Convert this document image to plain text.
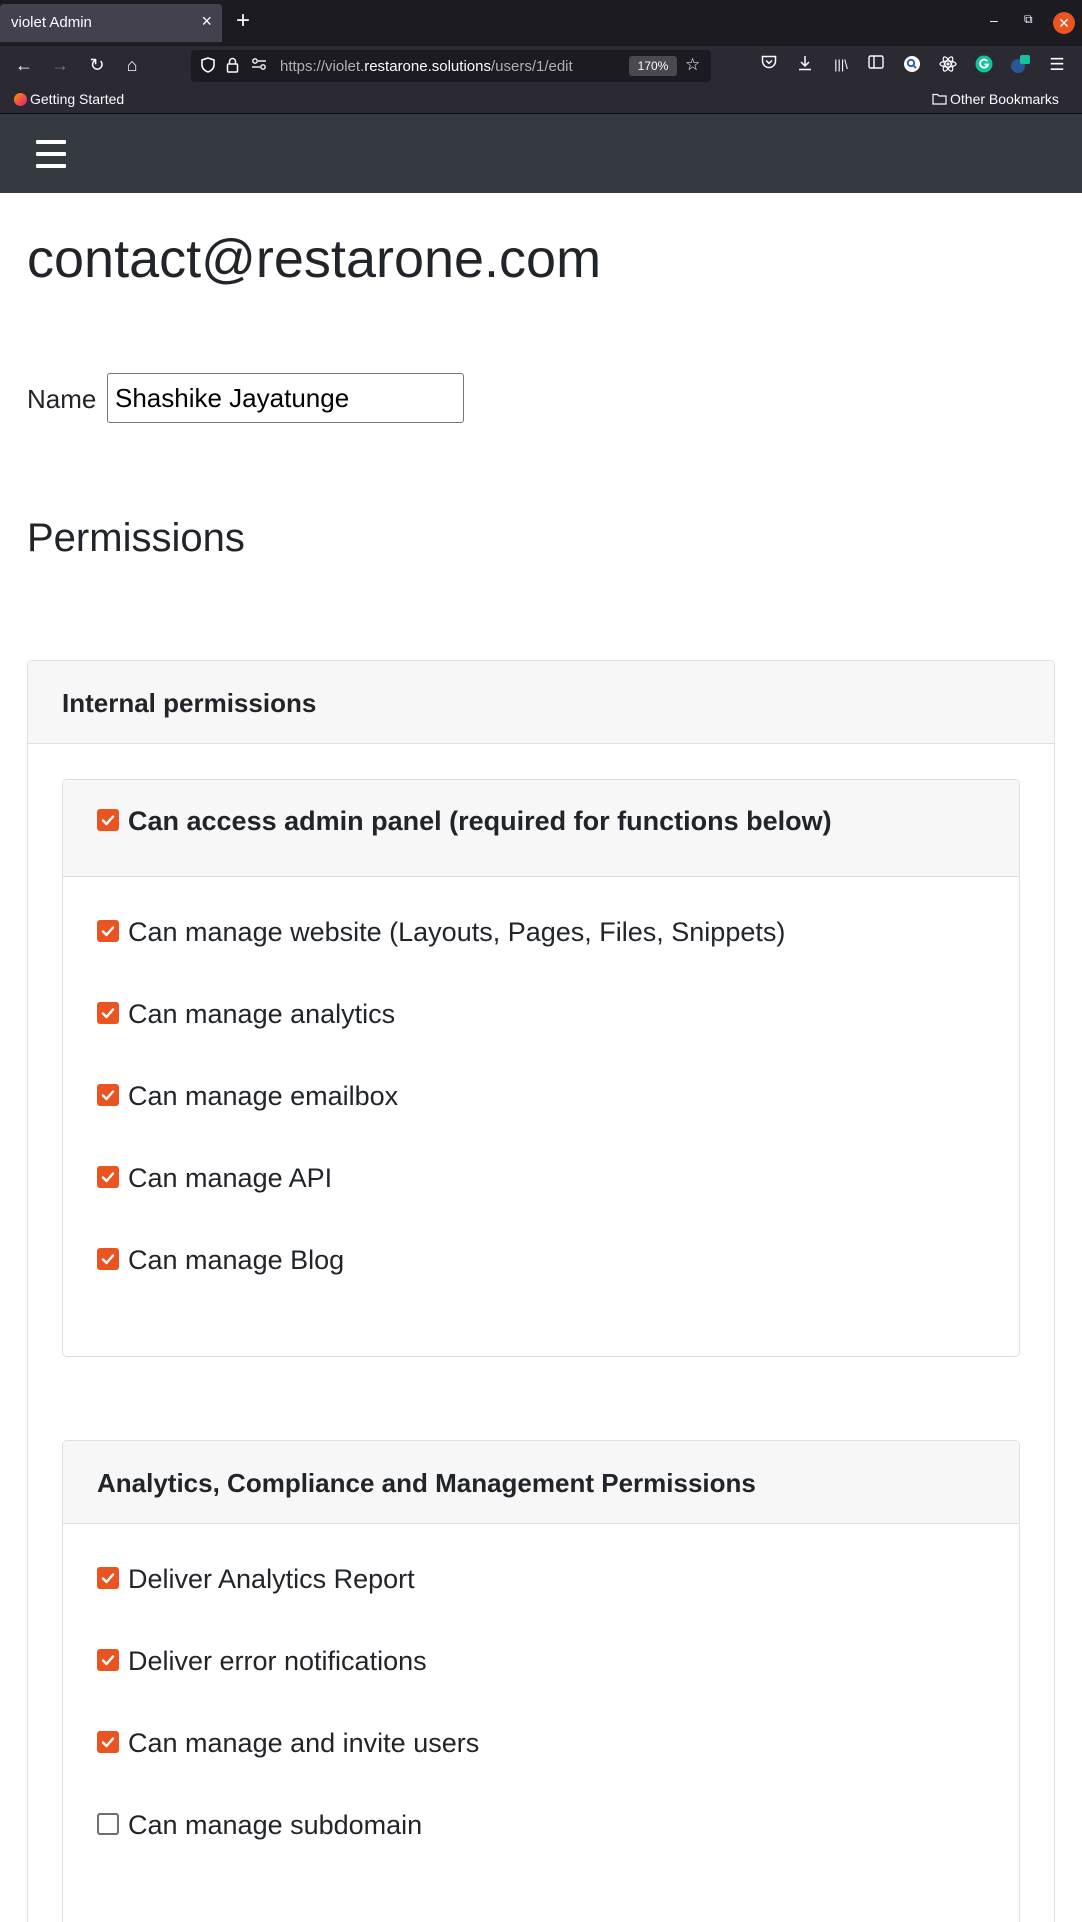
violet Admin	× +	– ⧉	✕
← → ↻ ⌂	https://violet.restarone.solutions/users/1/edit	170% ☆	|||\	☰
Getting Started	Other Bookmarks
contact@restarone.com
Name
Shashike Jayatunge
Permissions
Internal permissions
Analytics, Compliance and Management Permissions
Can access admin panel (required for functions below)
Can manage website (Layouts, Pages, Files, Snippets)
Can manage analytics
Can manage emailbox
Can manage API
Can manage Blog
Deliver Analytics Report
Deliver error notifications
Can manage and invite users
Can manage subdomain
